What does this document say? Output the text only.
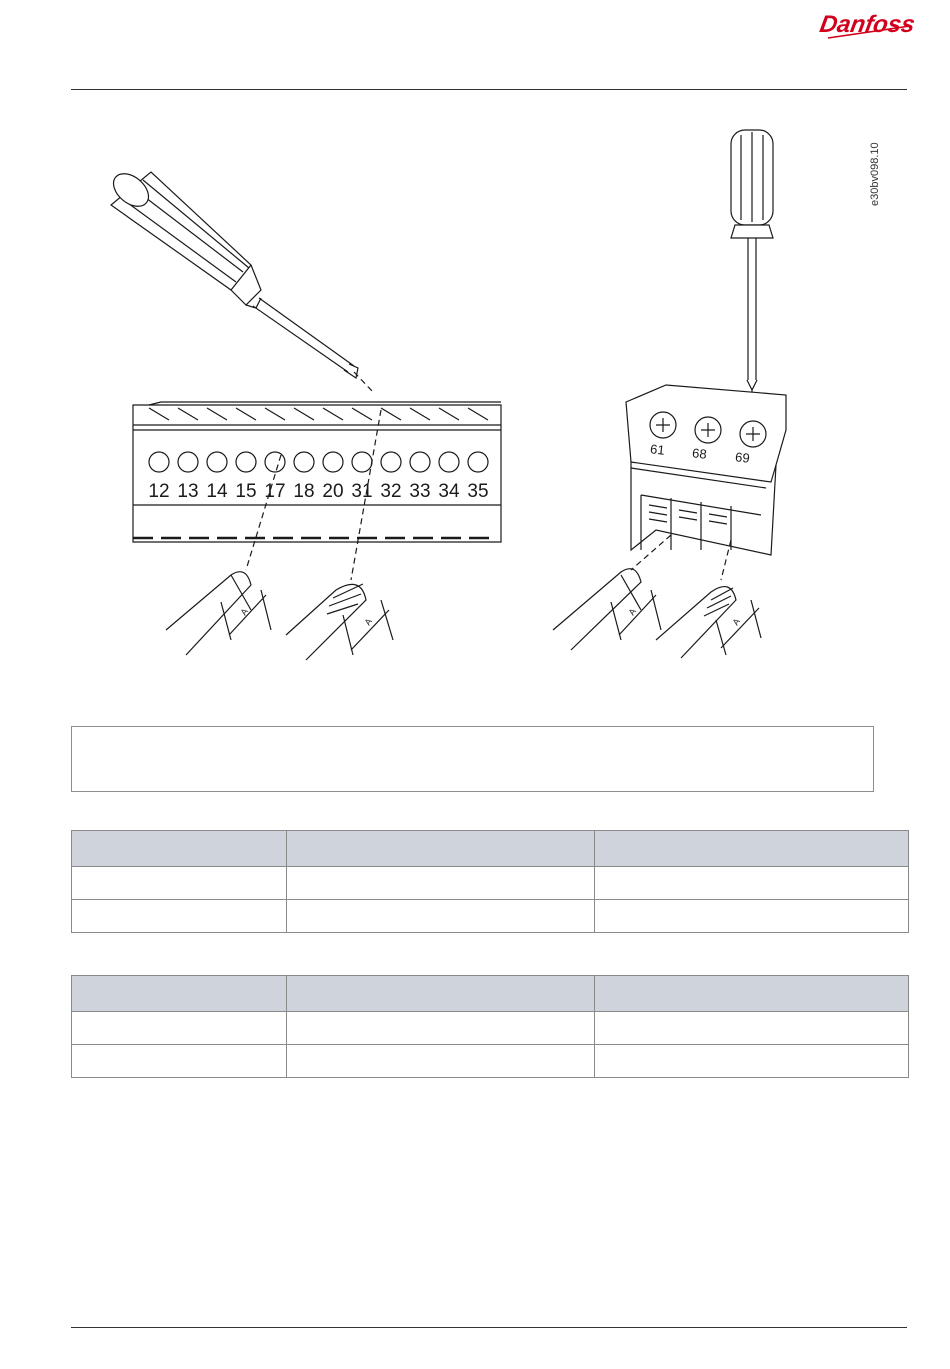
Danfoss
12 13 14 15 17 18 20 31 32 33 34 35
A
A
61 68 69
A
A
e30bv098.10
